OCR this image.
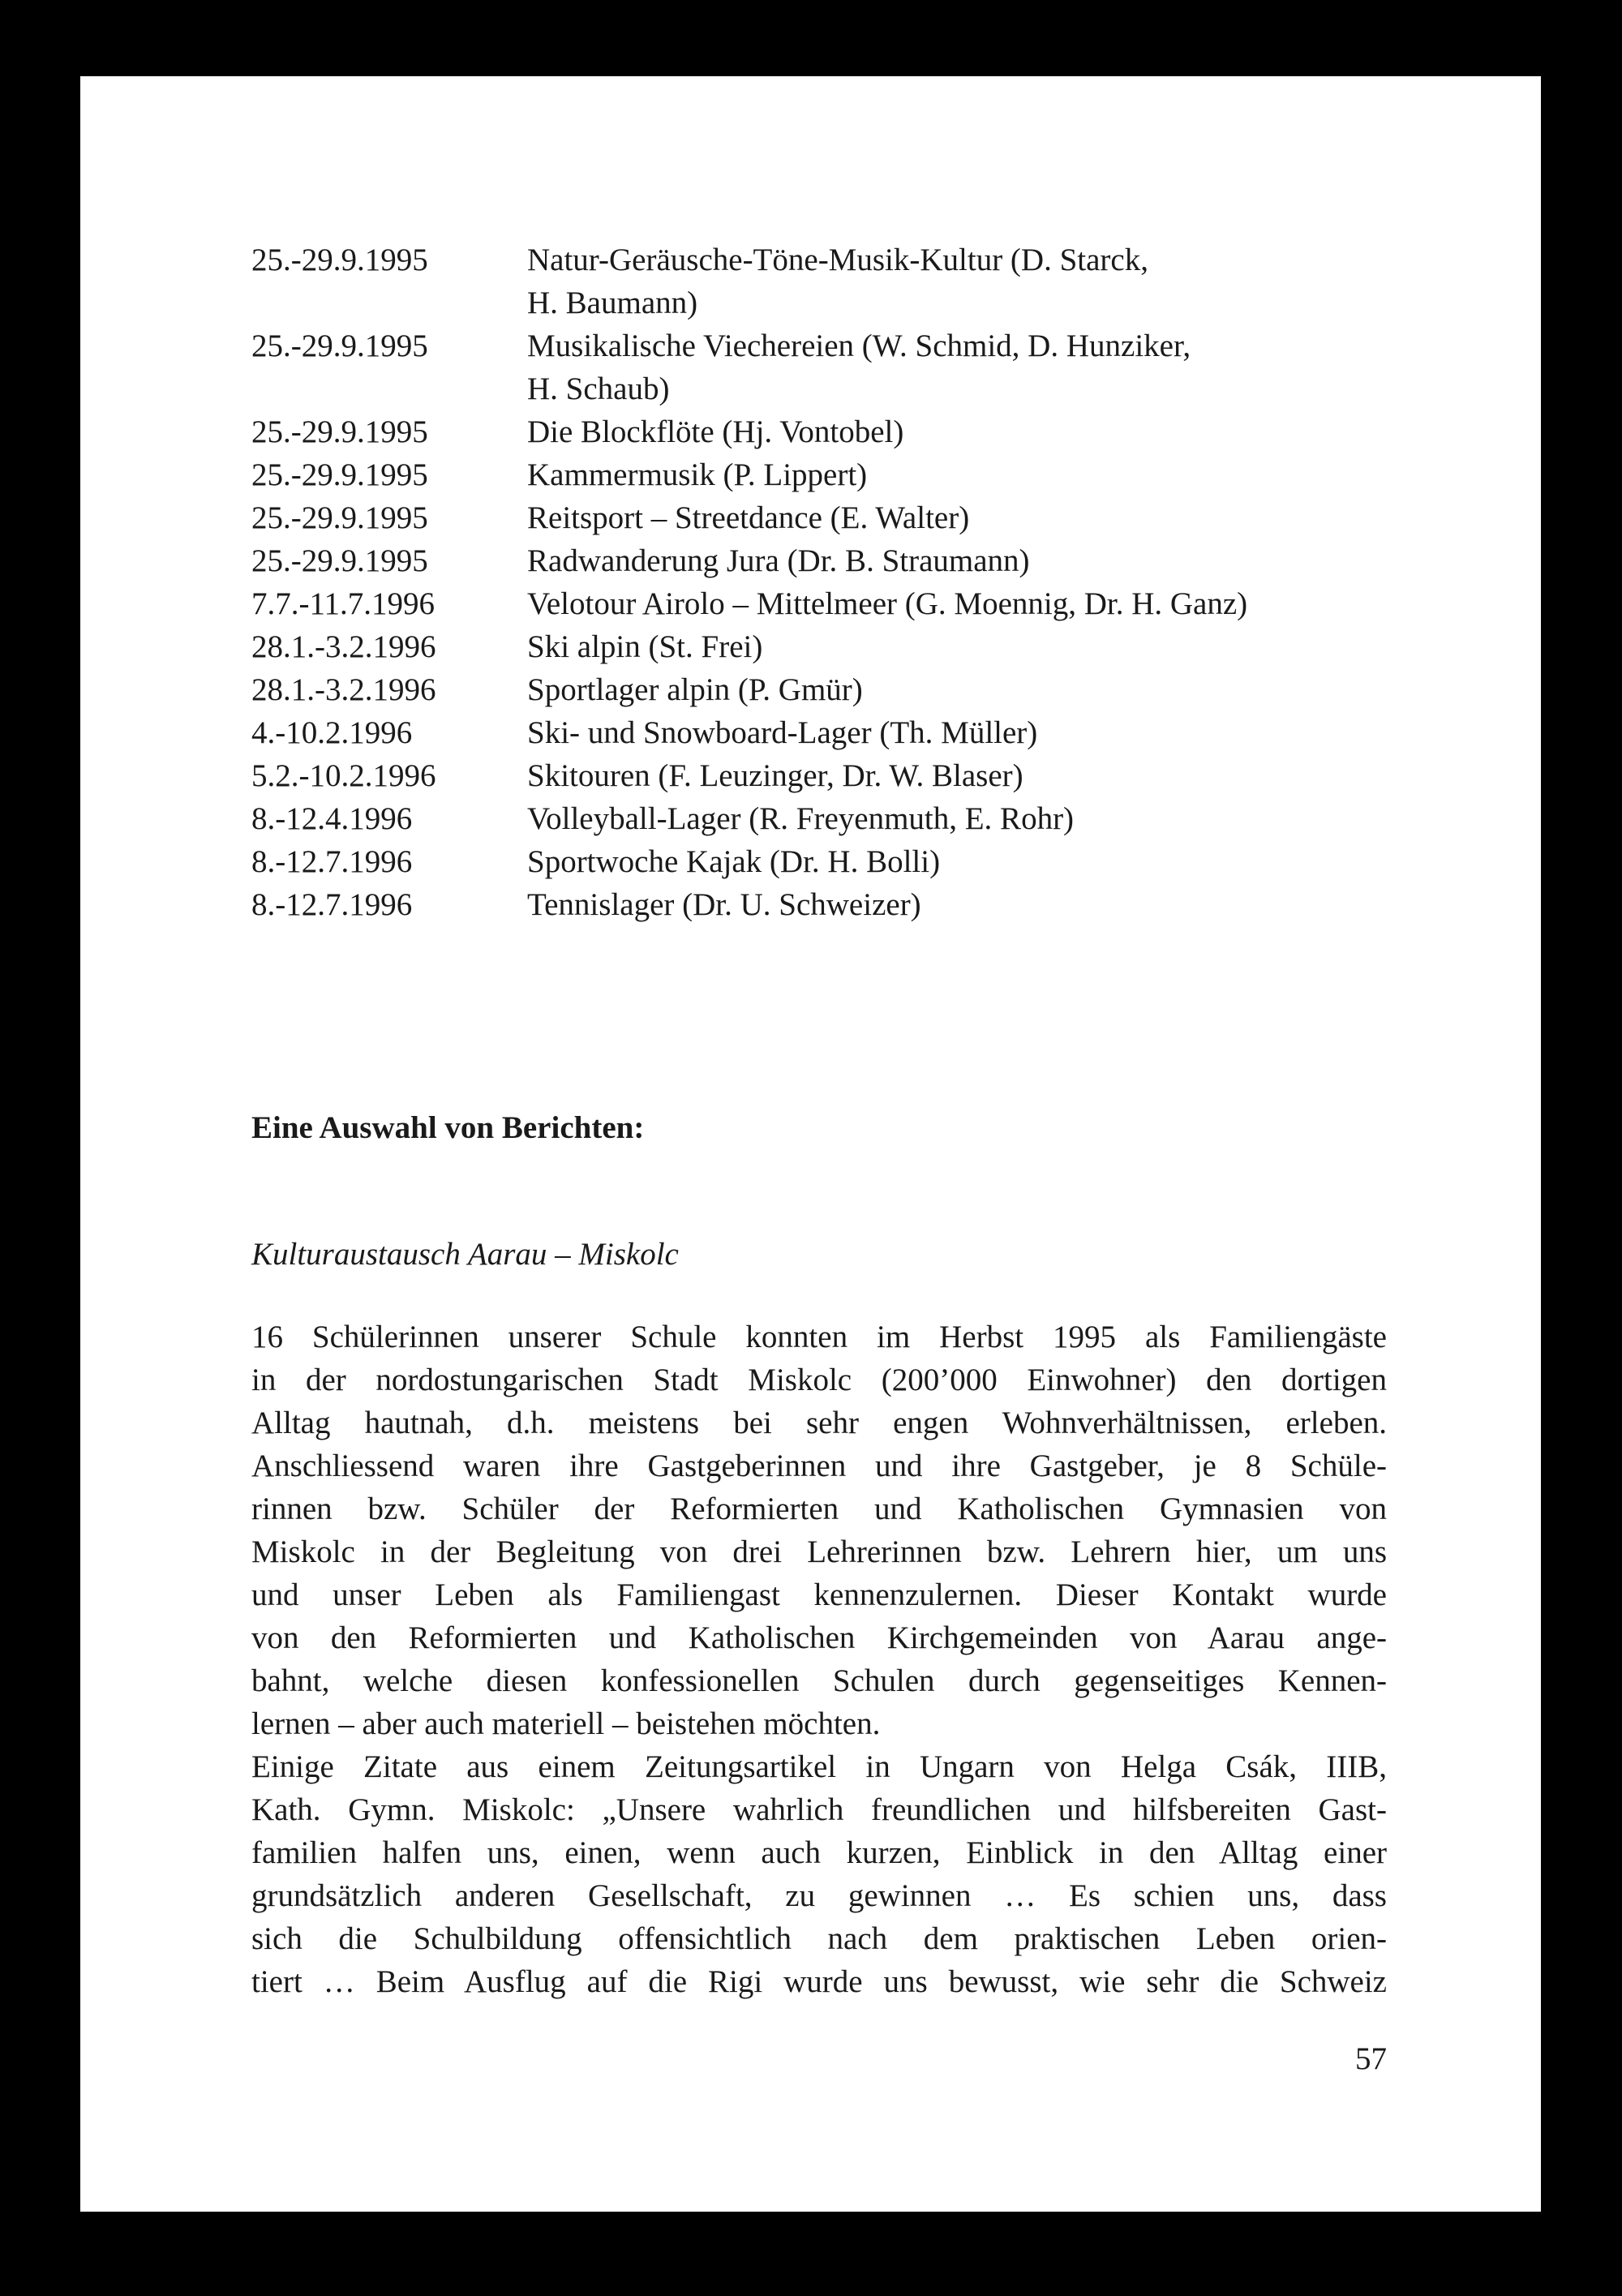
25.-29.9.1995	Natur-Geräusche-Töne-Musik-Kultur (D. Starck,
H. Baumann)
25.-29.9.1995	Musikalische Viechereien (W. Schmid, D. Hunziker,
H. Schaub)
25.-29.9.1995	Die Blockflöte (Hj. Vontobel)
25.-29.9.1995	Kammermusik (P. Lippert)
25.-29.9.1995	Reitsport – Streetdance (E. Walter)
25.-29.9.1995	Radwanderung Jura (Dr. B. Straumann)
7.7.-11.7.1996	Velotour Airolo – Mittelmeer (G. Moennig, Dr. H. Ganz)
28.1.-3.2.1996	Ski alpin (St. Frei)
28.1.-3.2.1996	Sportlager alpin (P. Gmür)
4.-10.2.1996	Ski- und Snowboard-Lager (Th. Müller)
5.2.-10.2.1996	Skitouren (F. Leuzinger, Dr. W. Blaser)
8.-12.4.1996	Volleyball-Lager (R. Freyenmuth, E. Rohr)
8.-12.7.1996	Sportwoche Kajak (Dr. H. Bolli)
8.-12.7.1996	Tennislager (Dr. U. Schweizer)
Eine Auswahl von Berichten:
Kulturaustausch Aarau – Miskolc
16 Schülerinnen unserer Schule konnten im Herbst 1995 als Familiengäste
in der nordostungarischen Stadt Miskolc (200’000 Einwohner) den dortigen
Alltag hautnah, d.h. meistens bei sehr engen Wohnverhältnissen, erleben.
Anschliessend waren ihre Gastgeberinnen und ihre Gastgeber, je 8 Schüle-
rinnen bzw. Schüler der Reformierten und Katholischen Gymnasien von
Miskolc in der Begleitung von drei Lehrerinnen bzw. Lehrern hier, um uns
und unser Leben als Familiengast kennenzulernen. Dieser Kontakt wurde
von den Reformierten und Katholischen Kirchgemeinden von Aarau ange-
bahnt, welche diesen konfessionellen Schulen durch gegenseitiges Kennen-
lernen – aber auch materiell – beistehen möchten.
Einige Zitate aus einem Zeitungsartikel in Ungarn von Helga Csák, IIIB,
Kath. Gymn. Miskolc: „Unsere wahrlich freundlichen und hilfsbereiten Gast-
familien halfen uns, einen, wenn auch kurzen, Einblick in den Alltag einer
grundsätzlich anderen Gesellschaft, zu gewinnen … Es schien uns, dass
sich die Schulbildung offensichtlich nach dem praktischen Leben orien-
tiert … Beim Ausflug auf die Rigi wurde uns bewusst, wie sehr die Schweiz
57
